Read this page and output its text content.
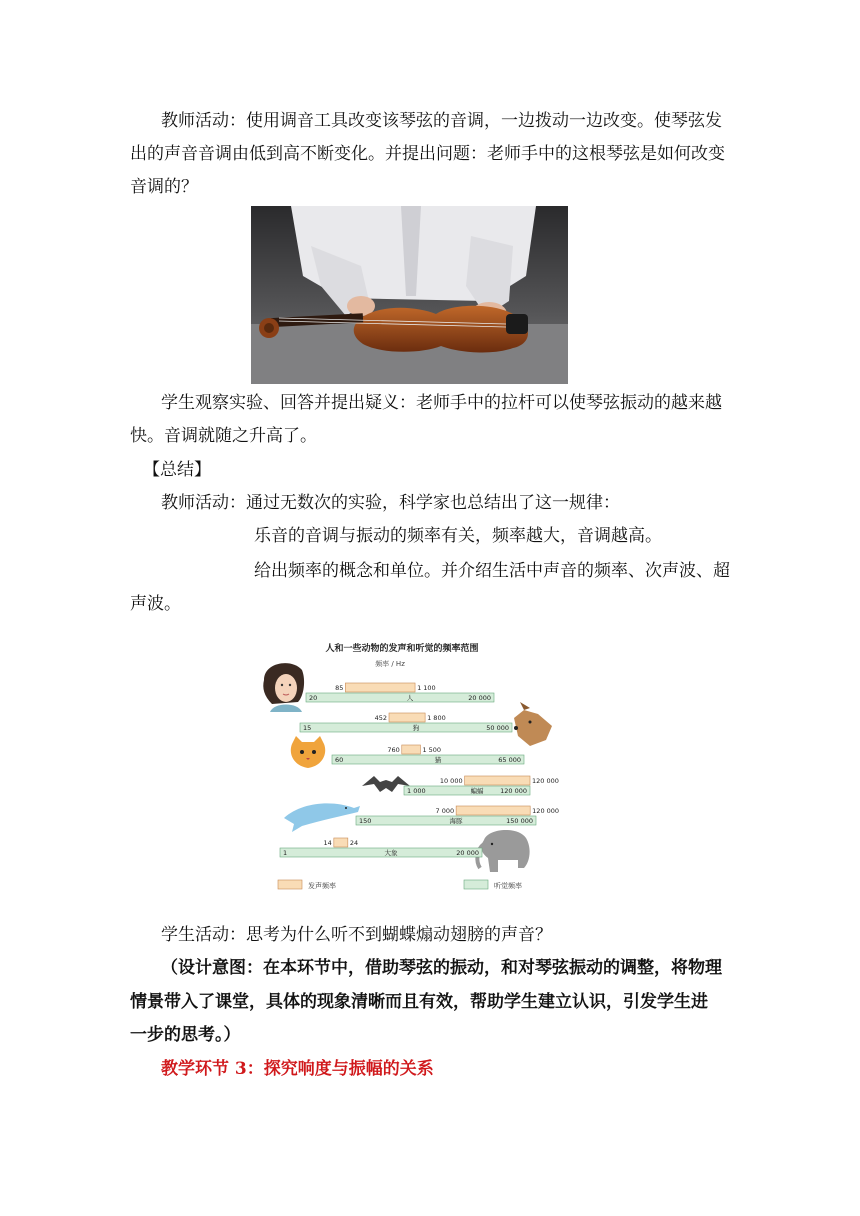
教师活动：使用调音工具改变该琴弦的音调，一边拨动一边改变。使琴弦发
出的声音音调由低到高不断变化。并提出问题：老师手中的这根琴弦是如何改变
音调的？
学生观察实验、回答并提出疑义：老师手中的拉杆可以使琴弦振动的越来越
快。音调就随之升高了。
【总结】
教师活动：通过无数次的实验，科学家也总结出了这一规律：
乐音的音调与振动的频率有关，频率越大，音调越高。
给出频率的概念和单位。并介绍生活中声音的频率、次声波、超
声波。
人和一些动物的发声和听觉的频率范围
频率 / Hz
85	1 100
20	20 000
人
452	1 800
15	50 000
狗
760	1 500
60	65 000
猫
10 000	120 000
1 000	120 000
蝙蝠
7 000	120 000
150	150 000
海豚
14	24
1	20 000
大象
发声频率	听觉频率
学生活动：思考为什么听不到蝴蝶煽动翅膀的声音？
（设计意图：在本环节中，借助琴弦的振动，和对琴弦振动的调整，将物理
情景带入了课堂，具体的现象清晰而且有效，帮助学生建立认识，引发学生进
一步的思考。）
教学环节 3：探究响度与振幅的关系
